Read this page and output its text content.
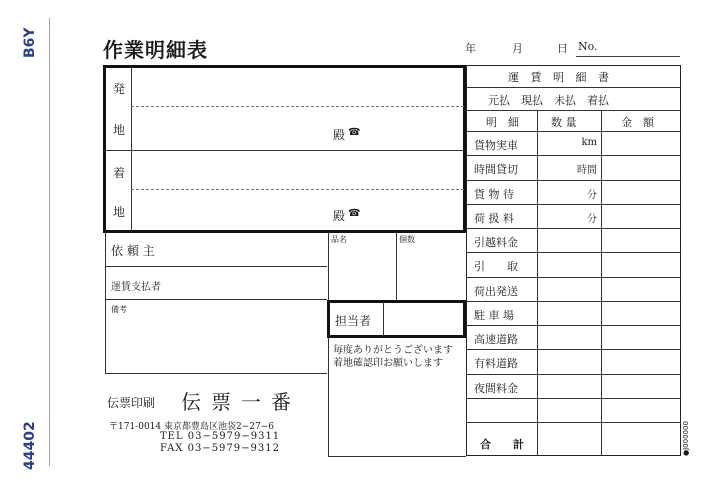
B6Y
44402
作業明細表	年	月	日 No.
発
地
着
地
殿 ☎
殿 ☎
依 頼 主
運賃支払者
品名	個数
備考
担当者
毎度ありがとうございます
着地確認印お願いします
伝票印刷 伝票一番
〒171-0014 東京都豊島区池袋2−27−6
TEL 03−5979−9311
FAX 03−5979−9312
運 賃 明 細 書
元払　現払　未払　着払
明　細	数 量	金　額
貨物実車	km
時間貸切	時間
貨 物 待	分
荷 扱 料	分
引越料金
引　　取
荷出発送
駐 車 場
高速道路
有料道路
夜間料金
合　　計	●J000000
